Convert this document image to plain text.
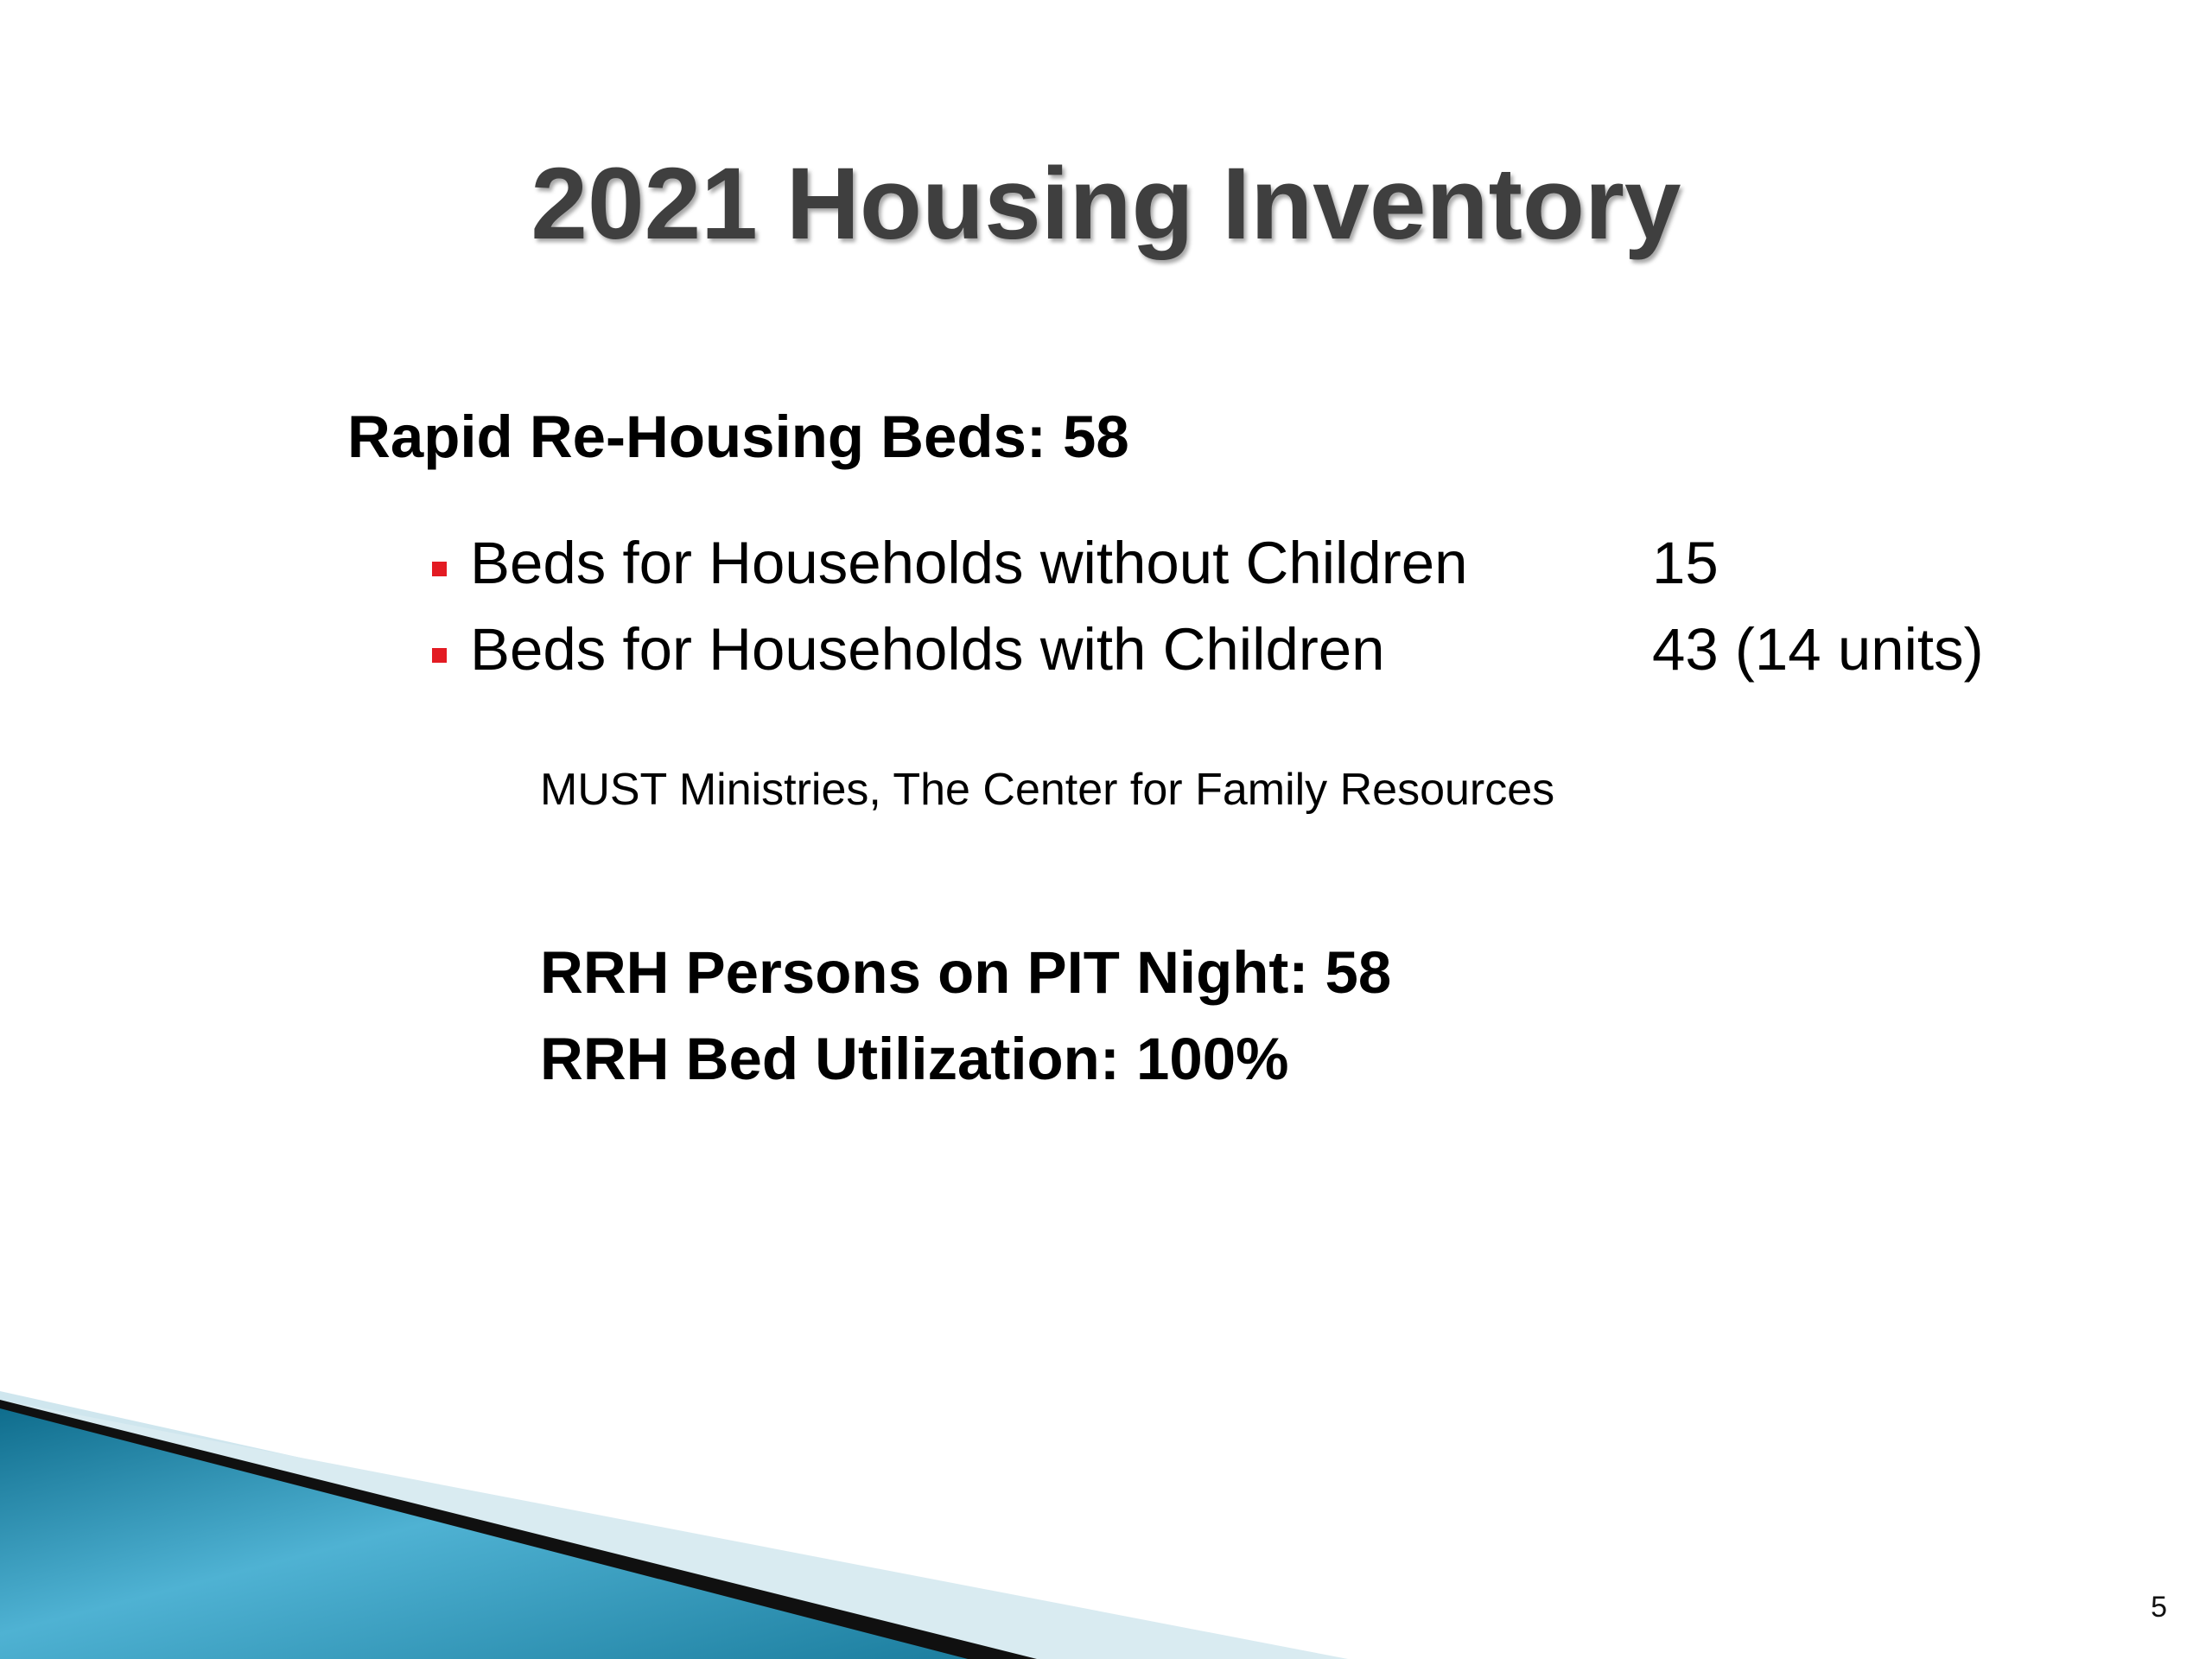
2021 Housing Inventory
Rapid Re-Housing Beds: 58
Beds for Households without Children	15
Beds for Households with Children	43 (14 units)
MUST Ministries, The Center for Family Resources
RRH Persons on PIT Night: 58
RRH Bed Utilization: 100%
5
